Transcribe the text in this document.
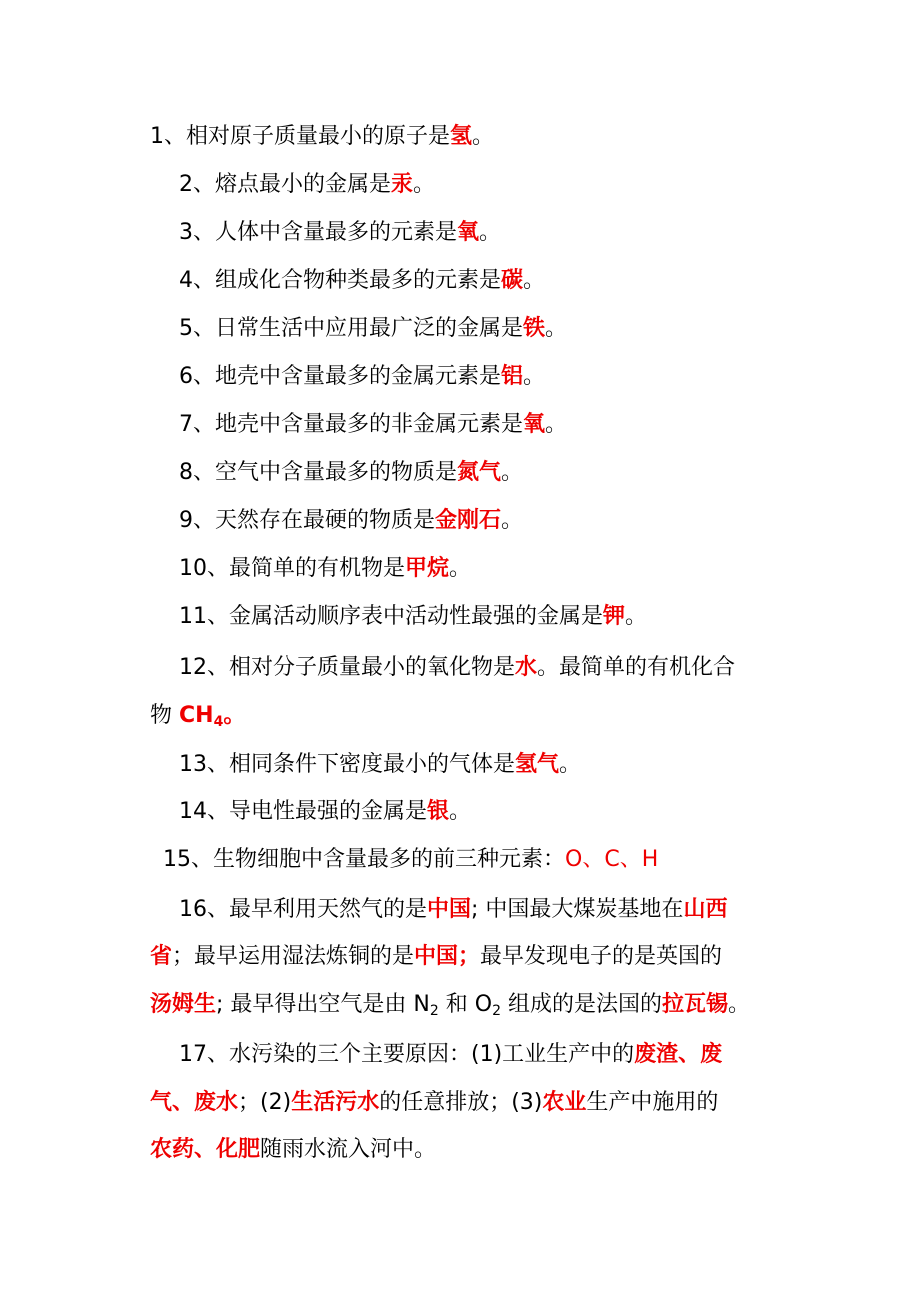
1、相对原子质量最小的原子是氢。
2、熔点最小的金属是汞。
3、人体中含量最多的元素是氧。
4、组成化合物种类最多的元素是碳。
5、日常生活中应用最广泛的金属是铁。
6、地壳中含量最多的金属元素是铝。
7、地壳中含量最多的非金属元素是氧。
8、空气中含量最多的物质是氮气。
9、天然存在最硬的物质是金刚石。
10、最简单的有机物是甲烷。
11、金属活动顺序表中活动性最强的金属是钾。
12、相对分子质量最小的氧化物是水。最简单的有机化合
物 $CH_4$。
13、相同条件下密度最小的气体是氢气。
14、导电性最强的金属是银。
15、生物细胞中含量最多的前三种元素：O、C、H
16、最早利用天然气的是中国; 中国最大煤炭基地在山西
省；最早运用湿法炼铜的是中国；最早发现电子的是英国的
汤姆生; 最早得出空气是由 $N_2$ 和 $O_2$ 组成的是法国的拉瓦锡。
17、水污染的三个主要原因：(1)工业生产中的废渣、废
气、废水；(2)生活污水的任意排放；(3)农业生产中施用的
农药、化肥随雨水流入河中。
